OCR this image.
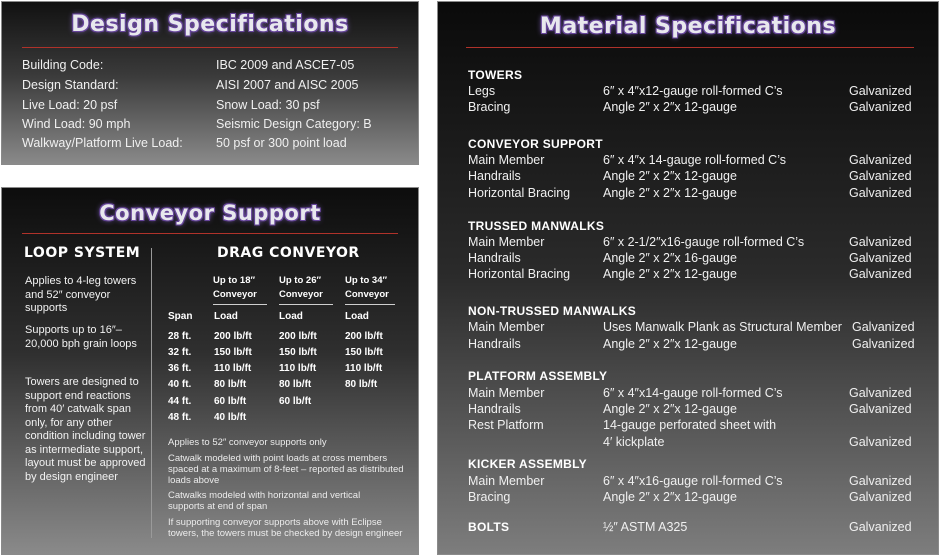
Design Specifications
Building Code:	IBC 2009 and ASCE7-05
Design Standard:	AISI 2007 and AISC 2005
Live Load: 20 psf	Snow Load: 30 psf
Wind Load: 90 mph	Seismic Design Category: B
Walkway/Platform Live Load:	50 psf or 300 point load
Conveyor Support
LOOP SYSTEM
Applies to 4-leg towers and 52″ conveyor supports
Supports up to 16″– 20,000 bph grain loops
Towers are designed to support end reactions from 40′ catwalk span only, for any other condition including tower as intermediate support, layout must be approved by design engineer
DRAG CONVEYOR
Up to 18″ Conveyor
Up to 26″ Conveyor
Up to 34″ Conveyor
Span Load	Load	Load
28 ft. 200 lb/ft	200 lb/ft	200 lb/ft
32 ft. 150 lb/ft	150 lb/ft	150 lb/ft
36 ft. 110 lb/ft	110 lb/ft	110 lb/ft
40 ft. 80 lb/ft	80 lb/ft	80 lb/ft
44 ft. 60 lb/ft	60 lb/ft
48 ft. 40 lb/ft
Applies to 52″ conveyor supports only
Catwalk modeled with point loads at cross members spaced at a maximum of 8-feet – reported as distributed loads above
Catwalks modeled with horizontal and vertical supports at end of span
If supporting conveyor supports above with Eclipse towers, the towers must be checked by design engineer
Material Specifications
TOWERS
Legs	6″ x 4″x12-gauge roll-formed C’s	Galvanized
Bracing	Angle 2″ x 2″x 12-gauge	Galvanized
CONVEYOR SUPPORT
Main Member	6″ x 4″x 14-gauge roll-formed C’s	Galvanized
Handrails	Angle 2″ x 2″x 12-gauge	Galvanized
Horizontal Bracing	Angle 2″ x 2″x 12-gauge	Galvanized
TRUSSED MANWALKS
Main Member	6″ x 2-1/2″x16-gauge roll-formed C’s	Galvanized
Handrails	Angle 2″ x 2″x 16-gauge	Galvanized
Horizontal Bracing	Angle 2″ x 2″x 12-gauge	Galvanized
NON-TRUSSED MANWALKS
Main Member	Uses Manwalk Plank as Structural Member Galvanized
Handrails	Angle 2″ x 2″x 12-gauge	Galvanized
PLATFORM ASSEMBLY
Main Member	6″ x 4″x14-gauge roll-formed C’s	Galvanized
Handrails	Angle 2″ x 2″x 12-gauge	Galvanized
Rest Platform	14-gauge perforated sheet with
4′ kickplate	Galvanized
KICKER ASSEMBLY
Main Member	6″ x 4″x16-gauge roll-formed C’s	Galvanized
Bracing	Angle 2″ x 2″x 12-gauge	Galvanized
BOLTS	½″ ASTM A325	Galvanized
